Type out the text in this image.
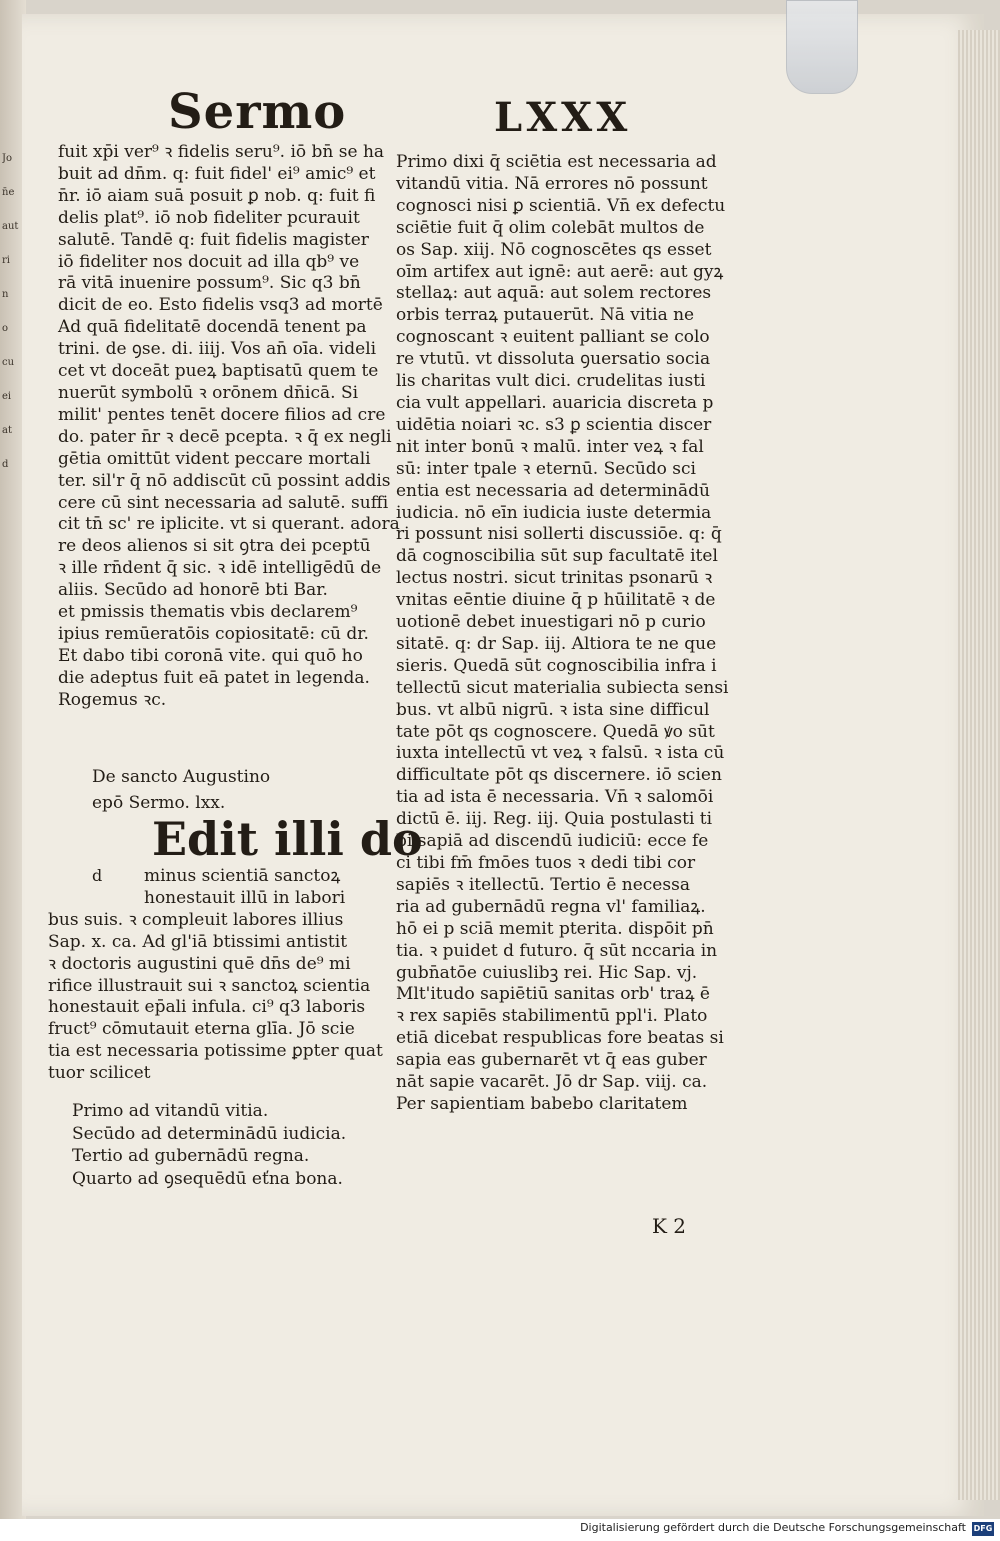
Jo
n̄e
aut
ri
n
o
cu
ei
at
d
Sermo	LXXX

fuit xp̄i ver⁹ ꝛ fidelis seru⁹. iō bn̄ se ha

buit ad dn̄m. q: fuit fidel' ei⁹ amic⁹ et

n̄r. iō aiam suā posuit ꝑ nob. q: fuit fi

delis plat⁹. iō nob fideliter pcurauit

salutē. Tandē q: fuit fidelis magister

iō fideliter nos docuit ad illa qb⁹ ve

rā vitā inuenire possum⁹. Sic q3 bn̄

dicit de eo. Esto fidelis vsq3 ad mortē

Ad quā fidelitatē docendā tenent pa

trini. de ꝯse. di. iiij. Vos an̄ oīa. videli

cet vt doceāt pueꝝ baptisatū quem te

nuerūt symbolū ꝛ orōnem dn̄icā. Si

milit' pentes tenēt docere filios ad cre

do. pater n̄r ꝛ decē pcepta. ꝛ q̄ ex negli

gētia omittūt vident peccare mortali

ter. sil'r q̄ nō addiscūt cū possint addis

cere cū sint necessaria ad salutē. suffi

cit tn̄ sc' re iplicite. vt si querant. adora

re deos alienos si sit ꝯtra dei pceptū

ꝛ ille rn̄dent q̄ sic. ꝛ idē intelligēdū de

aliis. Secūdo ad honorē bti Bar.

et pmissis thematis vbis declarem⁹

ipius remūeratōis copiositatē: cū dr.

Et dabo tibi coronā vite. qui quō ho

die adeptus fuit eā patet in legenda.

Rogemus ꝛc.

De sancto Augustino
epō Sermo. lxx.
Edit illi do
d	minus scientiā sanctoꝝ

honestauit illū in labori

bus suis. ꝛ compleuit labores illius

Sap. x. ca. Ad gl'iā btissimi antistit

ꝛ doctoris augustini quē dn̄s de⁹ mi

rifice illustrauit sui ꝛ sanctoꝝ scientia

honestauit ep̄ali infula. ci⁹ q3 laboris

fruct⁹ cōmutauit eterna glīa. Jō scie

tia est necessaria potissime ꝑpter quat

tuor scilicet

Primo ad vitandū vitia.
Secūdo ad determinādū iudicia.
Tertio ad gubernādū regna.
Quarto ad ꝯsequēdū eťna bona.

Primo dixi q̄ sciētia est necessaria ad

vitandū vitia. Nā errores nō possunt

cognosci nisi ꝑ scientiā. Vn̄ ex defectu

sciētie fuit q̄ olim colebāt multos de

os Sap. xiij. Nō cognoscētes qs esset

oīm artifex aut ignē: aut aerē: aut gyꝝ

stellaꝝ: aut aquā: aut solem rectores

orbis terraꝝ putauerūt. Nā vitia ne

cognoscant ꝛ euitent palliant se colo

re vtutū. vt dissoluta ꝯuersatio socia

lis charitas vult dici. crudelitas iusti

cia vult appellari. auaricia discreta p

uidētia noiari ꝛc. s3 ꝑ scientia discer

nit inter bonū ꝛ malū. inter veꝝ ꝛ fal

sū: inter tpale ꝛ eternū. Secūdo sci

entia est necessaria ad determinādū

iudicia. nō eīn iudicia iuste determia

ri possunt nisi sollerti discussiōe. q: q̄

dā cognoscibilia sūt sup facultatē itel

lectus nostri. sicut trinitas psonarū ꝛ

vnitas eēntie diuine q̄ p hūilitatē ꝛ de

uotionē debet inuestigari nō p curio

sitatē. q: dr Sap. iij. Altiora te ne que

sieris. Quedā sūt cognoscibilia infra i

tellectū sicut materialia subiecta sensi

bus. vt albū nigrū. ꝛ ista sine difficul

tate pōt qs cognoscere. Quedā ꝟo sūt

iuxta intellectū vt veꝝ ꝛ falsū. ꝛ ista cū

difficultate pōt qs discernere. iō scien

tia ad ista ē necessaria. Vn̄ ꝛ salomōi

dictū ē. iij. Reg. iij. Quia postulasti ti

bi sapiā ad discendū iudiciū: ecce fe

ci tibi fm̄ fmōes tuos ꝛ dedi tibi cor

sapiēs ꝛ itellectū. Tertio ē necessa

ria ad gubernādū regna vl' familiaꝝ.

hō ei p sciā memit pterita. dispōit pn̄

tia. ꝛ puidet d futuro. q̄ sūt nccaria in

gubn̄atōe cuiuslibꝫ rei. Hic Sap. vj.

Mlt'itudo sapiētiū sanitas orb' traꝝ ē

ꝛ rex sapiēs stabilimentū ppl'i. Plato

etiā dicebat respublicas fore beatas si

sapia eas gubernarēt vt q̄ eas guber

nāt sapie vacarēt. Jō dr Sap. viij. ca.

Per sapientiam babebo claritatem

K 2
Digitalisierung gefördert durch die Deutsche Forschungsgemeinschaft DFG
